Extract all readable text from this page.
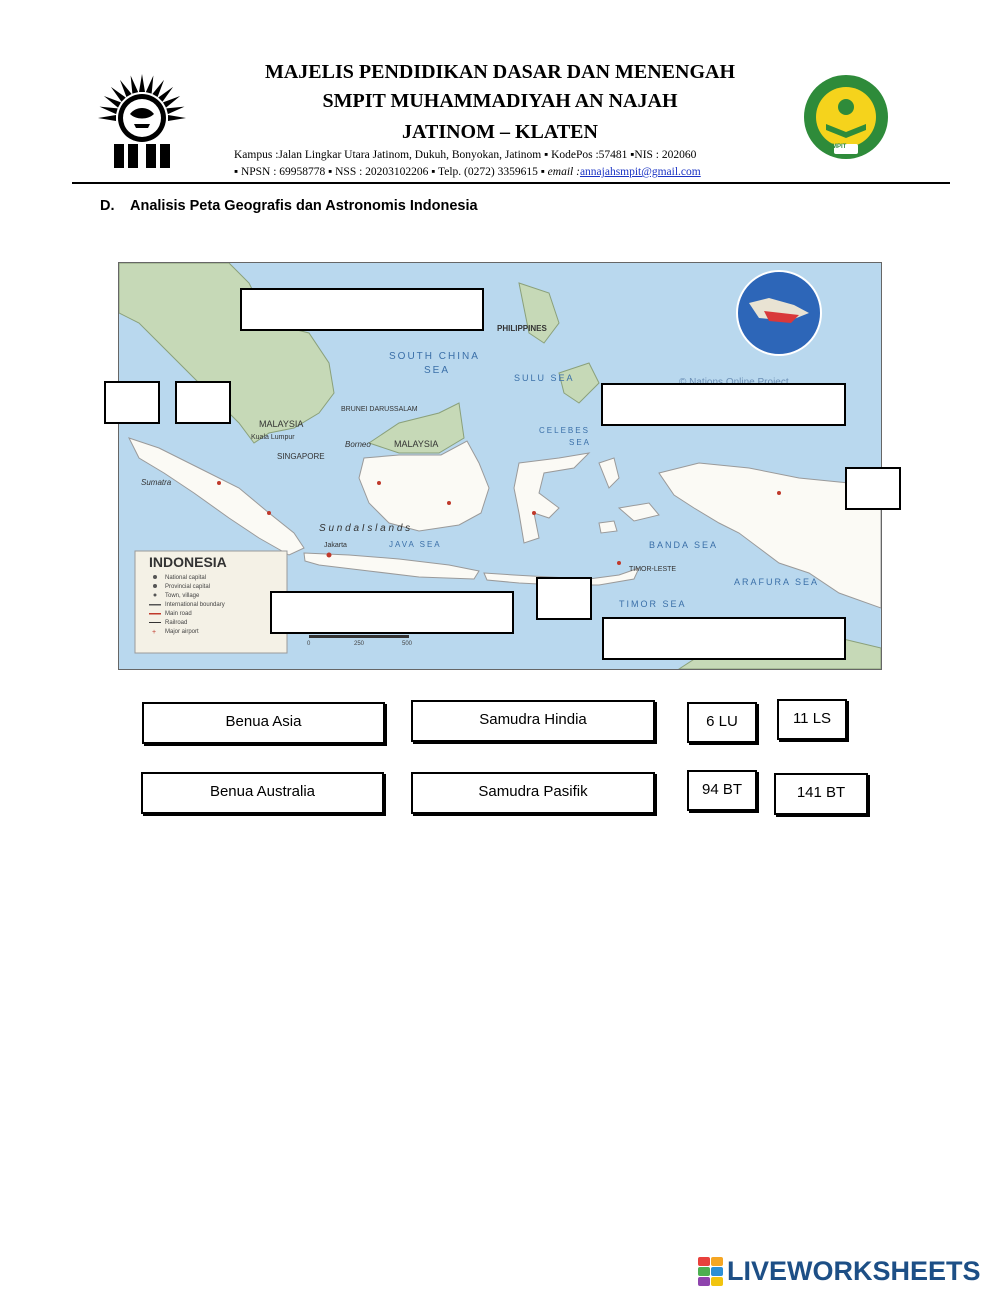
MAJELIS PENDIDIKAN DASAR DAN MENENGAH
SMPIT MUHAMMADIYAH AN NAJAH
JATINOM – KLATEN
Kampus :Jalan Lingkar Utara Jatinom, Dukuh, Bonyokan, Jatinom ▪ KodePos :57481 ▪NIS : 202060
▪ NPSN : 69958778 ▪ NSS : 20203102206 ▪ Telp. (0272) 3359615 ▪ email :annajahsmpit@gmail.com
SMPIT
D. Analisis Peta Geografis dan Astronomis Indonesia
PHILIPPINES
SOUTH CHINA
SEA
SULU SEA
MALAYSIA
BRUNEI DARUSSALAM
Kuala Lumpur
SINGAPORE
MALAYSIA
Borneo
CELEBES
SEA
Sumatra
S u n d a I s l a n d s
JAVA SEA	BANDA SEA
ARAFURA SEA
TIMOR SEA
TIMOR-LESTE
Jakarta
INDONESIA
National capital
Provincial capital
Town, village
International boundary
Main road
Railroad
Major airport
+
0	250	500
Benua Asia	Samudra Hindia	6 LU	11 LS
Benua Australia	Samudra Pasifik	94 BT	141 BT
LIVEWORKSHEETS
